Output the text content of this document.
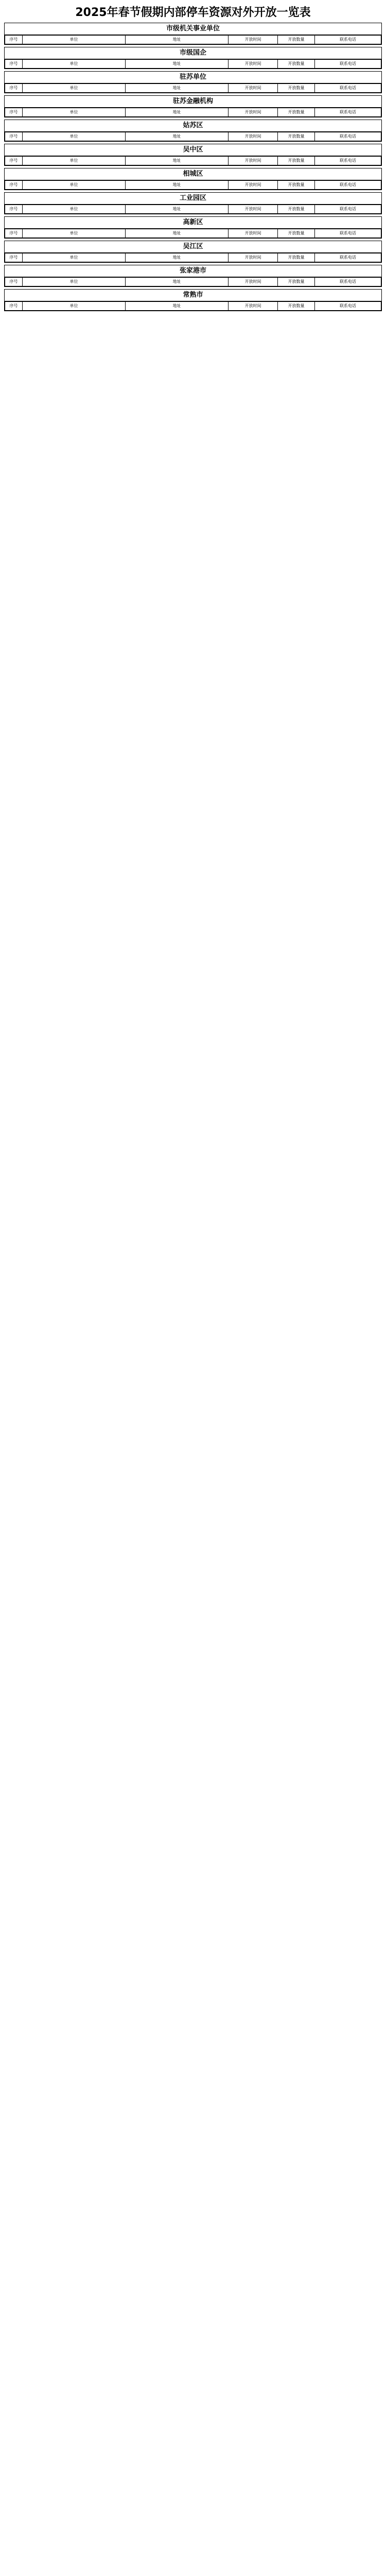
2025年春节假期内部停车资源对外开放一览表
市级机关事业单位
序号	单位	地址	开放时间	开放数量	联系电话
市级国企
序号	单位	地址	开放时间	开放数量	联系电话
驻苏单位
序号	单位	地址	开放时间	开放数量	联系电话
驻苏金融机构
序号	单位	地址	开放时间	开放数量	联系电话
姑苏区
序号	单位	地址	开放时间	开放数量	联系电话
吴中区
序号	单位	地址	开放时间	开放数量	联系电话
相城区
序号	单位	地址	开放时间	开放数量	联系电话
工业园区
序号	单位	地址	开放时间	开放数量	联系电话
高新区
序号	单位	地址	开放时间	开放数量	联系电话
吴江区
序号	单位	地址	开放时间	开放数量	联系电话
张家港市
序号	单位	地址	开放时间	开放数量	联系电话
常熟市
序号	单位	地址	开放时间	开放数量	联系电话
